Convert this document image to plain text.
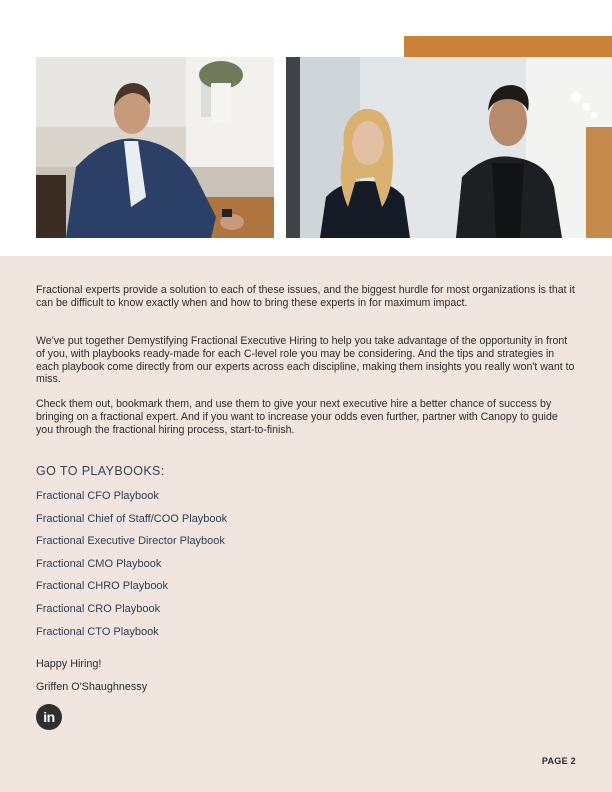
Fractional experts provide a solution to each of these issues, and the biggest hurdle for most organizations is that it can be difficult to know exactly when and how to bring these experts in for maximum impact.

We've put together Demystifying Fractional Executive Hiring to help you take advantage of the opportunity in front of you, with playbooks ready-made for each C-level role you may be considering. And the tips and strategies in each playbook come directly from our experts across each discipline, making them insights you really won't want to miss.

Check them out, bookmark them, and use them to give your next executive hire a better chance of success by bringing on a fractional expert. And if you want to increase your odds even further, partner with Canopy to guide you through the fractional hiring process, start-to-finish.

GO TO PLAYBOOKS:
Fractional CFO Playbook
Fractional Chief of Staff/COO Playbook
Fractional Executive Director Playbook
Fractional CMO Playbook
Fractional CHRO Playbook
Fractional CRO Playbook
Fractional CTO Playbook
Happy Hiring!
Griffen O'Shaughnessy
in
PAGE 2
